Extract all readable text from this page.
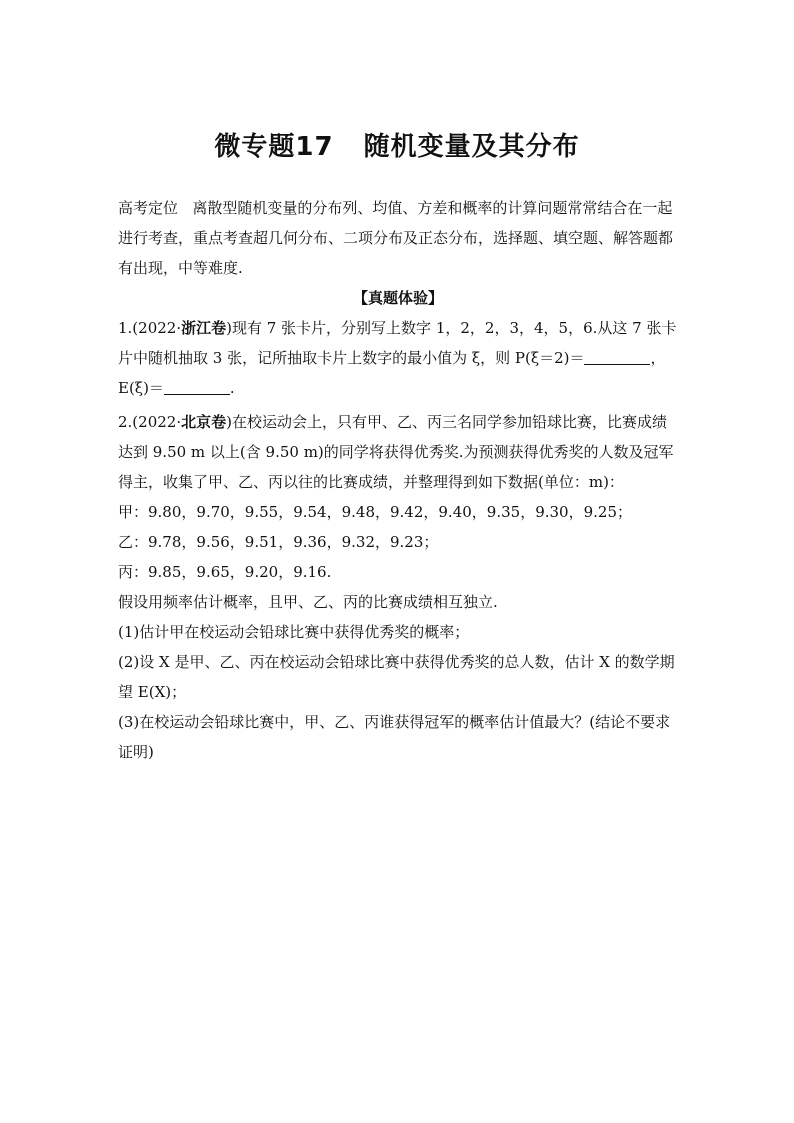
微专题17 随机变量及其分布

高考定位 离散型随机变量的分布列、均值、方差和概率的计算问题常常结合在一起进行考查，重点考查超几何分布、二项分布及正态分布，选择题、填空题、解答题都有出现，中等难度.

【真题体验】

1.(2022·浙江卷)现有 7 张卡片，分别写上数字 1，2，2，3，4，5，6.从这 7 张卡片中随机抽取 3 张，记所抽取卡片上数字的最小值为 ξ，则 P(ξ＝2)＝	，
E(ξ)＝	.

2.(2022·北京卷)在校运动会上，只有甲、乙、丙三名同学参加铅球比赛，比赛成绩达到 9.50 m 以上(含 9.50 m)的同学将获得优秀奖.为预测获得优秀奖的人数及冠军得主，收集了甲、乙、丙以往的比赛成绩，并整理得到如下数据(单位：m)：

甲：9.80，9.70，9.55，9.54，9.48，9.42，9.40，9.35，9.30，9.25；

乙：9.78，9.56，9.51，9.36，9.32，9.23；

丙：9.85，9.65，9.20，9.16.

假设用频率估计概率，且甲、乙、丙的比赛成绩相互独立.

(1)估计甲在校运动会铅球比赛中获得优秀奖的概率；

(2)设 X 是甲、乙、丙在校运动会铅球比赛中获得优秀奖的总人数，估计 X 的数学期望 E(X)；

(3)在校运动会铅球比赛中，甲、乙、丙谁获得冠军的概率估计值最大？(结论不要求证明)
